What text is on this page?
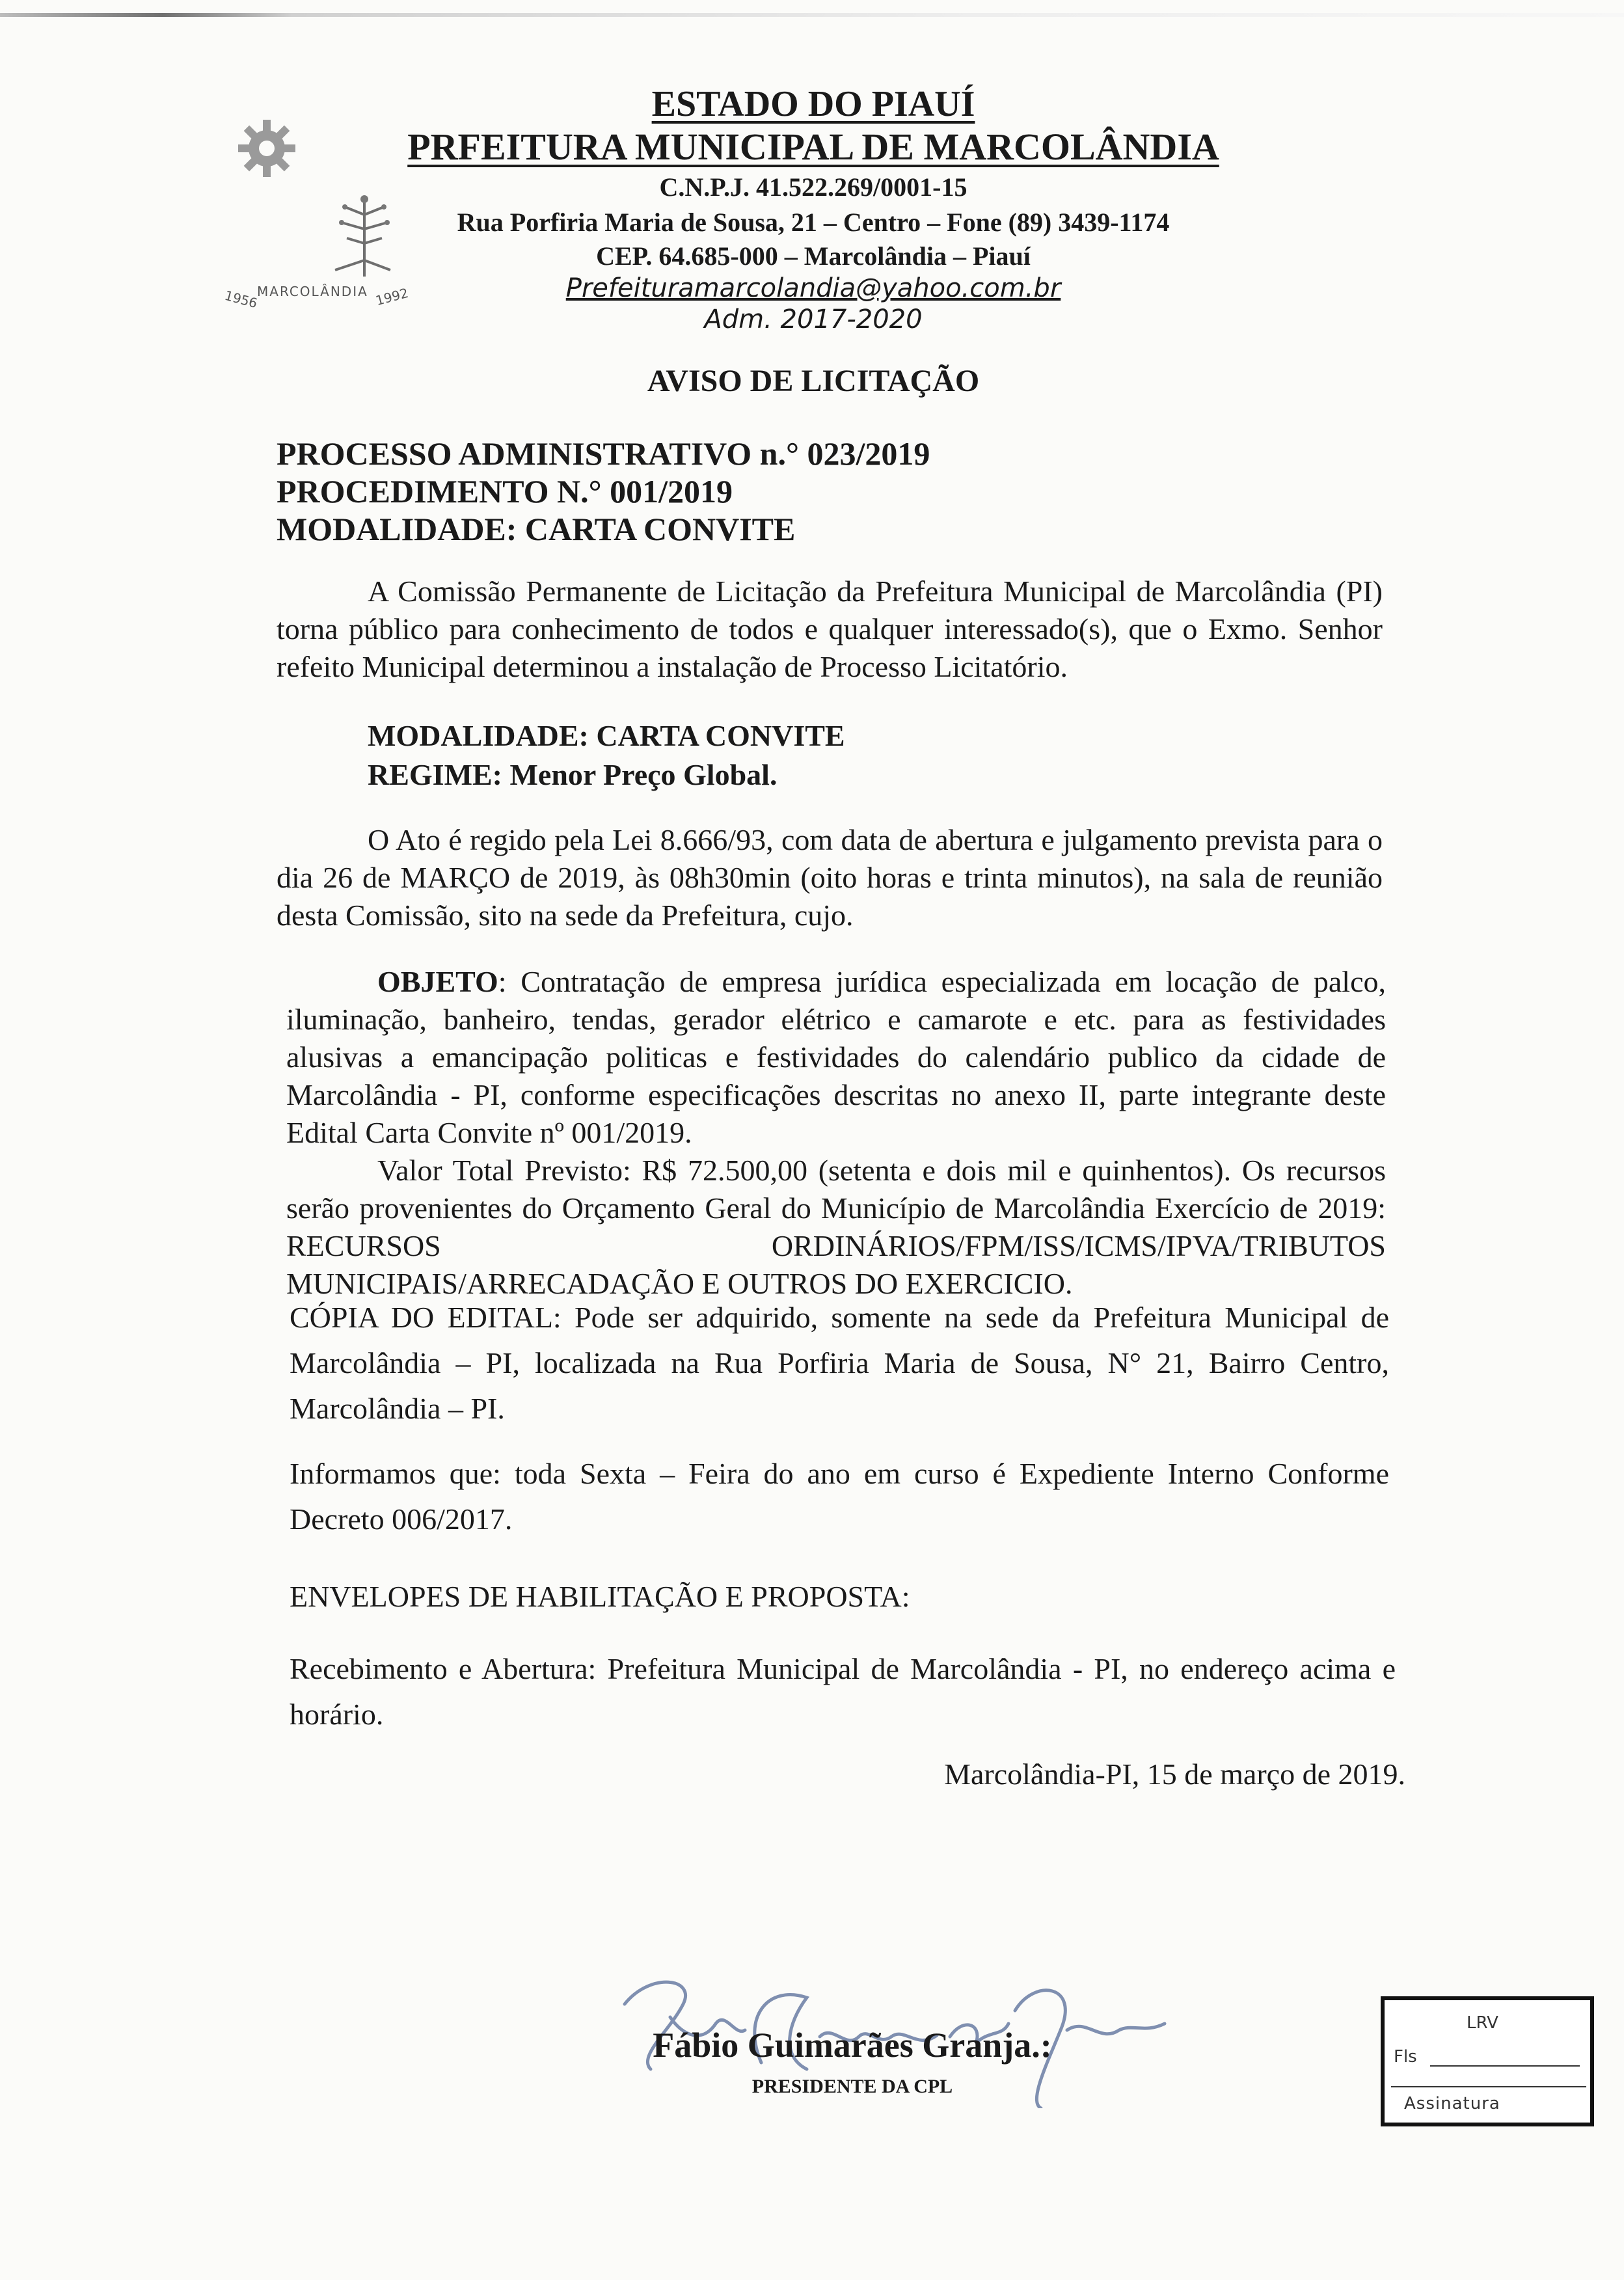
1956
MARCOLÂNDIA 1992
ESTADO DO PIAUÍ
PRFEITURA MUNICIPAL DE MARCOLÂNDIA
C.N.P.J. 41.522.269/0001-15
Rua Porfiria Maria de Sousa, 21 – Centro – Fone (89) 3439-1174
CEP. 64.685-000 – Marcolândia – Piauí
Prefeituramarcolandia@yahoo.com.br
Adm. 2017-2020
AVISO DE LICITAÇÃO
PROCESSO ADMINISTRATIVO n.° 023/2019
PROCEDIMENTO N.° 001/2019
MODALIDADE: CARTA CONVITE
A Comissão Permanente de Licitação da Prefeitura Municipal de Marcolândia (PI) torna público para conhecimento de todos e qualquer interessado(s), que o Exmo. Senhor refeito Municipal determinou a instalação de Processo Licitatório.
MODALIDADE: CARTA CONVITE
REGIME: Menor Preço Global.
O Ato é regido pela Lei 8.666/93, com data de abertura e julgamento prevista para o dia 26 de MARÇO de 2019, às 08h30min (oito horas e trinta minutos), na sala de reunião desta Comissão, sito na sede da Prefeitura, cujo.
OBJETO: Contratação de empresa jurídica especializada em locação de palco, iluminação, banheiro, tendas, gerador elétrico e camarote e etc. para as festividades alusivas a emancipação politicas e festividades do calendário publico da cidade de Marcolândia - PI, conforme especificações descritas no anexo II, parte integrante deste Edital Carta Convite nº 001/2019.
Valor Total Previsto: R$ 72.500,00 (setenta e dois mil e quinhentos). Os recursos serão provenientes do Orçamento Geral do Município de Marcolândia Exercício de 2019: RECURSOS ORDINÁRIOS/FPM/ISS/ICMS/IPVA/TRIBUTOS MUNICIPAIS/ARRECADAÇÃO E OUTROS DO EXERCICIO.
CÓPIA DO EDITAL: Pode ser adquirido, somente na sede da Prefeitura Municipal de Marcolândia – PI, localizada na Rua Porfiria Maria de Sousa, N° 21, Bairro Centro, Marcolândia – PI.
Informamos que: toda Sexta – Feira do ano em curso é Expediente Interno Conforme Decreto 006/2017.
ENVELOPES DE HABILITAÇÃO E PROPOSTA:
Recebimento e Abertura: Prefeitura Municipal de Marcolândia - PI, no endereço acima e horário.
Marcolândia-PI, 15 de março de 2019.
Fábio Guimarães Granja.:
PRESIDENTE DA CPL
LRV
Fls
Assinatura
